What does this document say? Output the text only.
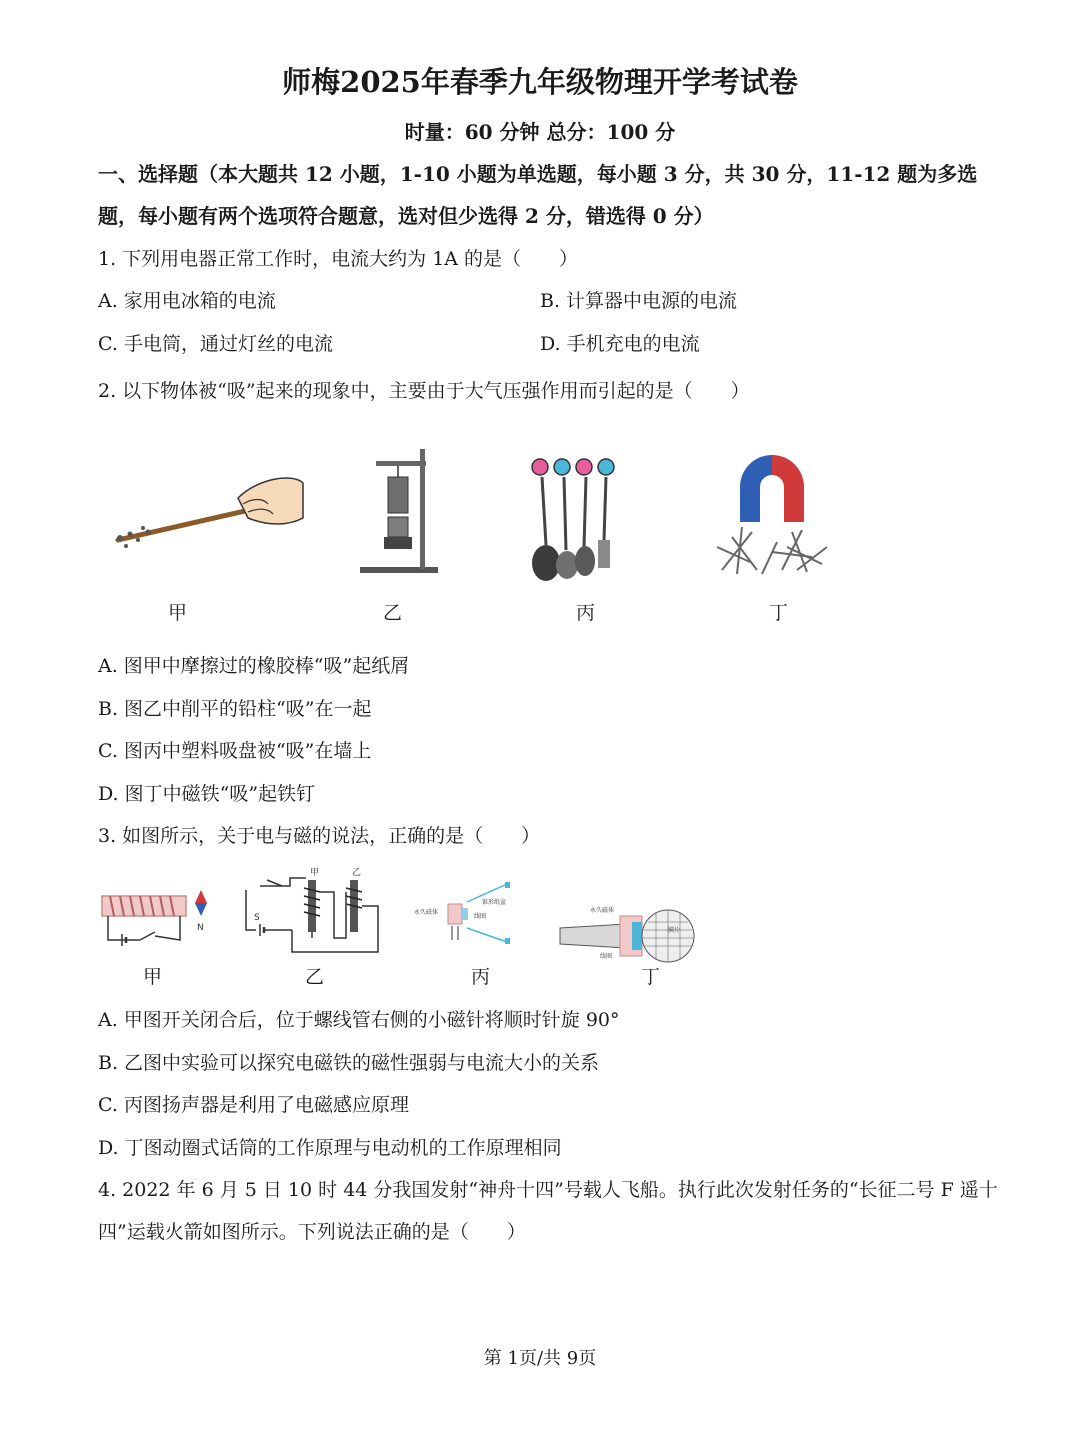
师梅2025年春季九年级物理开学考试卷
时量：60 分钟 总分：100 分
一、选择题（本大题共 12 小题，1-10 小题为单选题，每小题 3 分，共 30 分，11-12 题为多选
题，每小题有两个选项符合题意，选对但少选得 2 分，错选得 0 分）
1. 下列用电器正常工作时，电流大约为 1A 的是（　　）
A. 家用电冰箱的电流	B. 计算器中电源的电流
C. 手电筒，通过灯丝的电流	D. 手机充电的电流
2. 以下物体被“吸”起来的现象中，主要由于大气压强作用而引起的是（　　）
甲	乙	丙	丁
A. 图甲中摩擦过的橡胶棒“吸”起纸屑
B. 图乙中削平的铅柱“吸”在一起
C. 图丙中塑料吸盘被“吸”在墙上
D. 图丁中磁铁“吸”起铁钉
3. 如图所示，关于电与磁的说法，正确的是（　　）
N
甲	乙
S
永久磁体
锥形纸盆
线圈
永久磁体
线圈
膜片
甲	乙	丙	丁
A. 甲图开关闭合后，位于螺线管右侧的小磁针将顺时针旋 90°
B. 乙图中实验可以探究电磁铁的磁性强弱与电流大小的关系
C. 丙图扬声器是利用了电磁感应原理
D. 丁图动圈式话筒的工作原理与电动机的工作原理相同
4. 2022 年 6 月 5 日 10 时 44 分我国发射“神舟十四”号载人飞船。执行此次发射任务的“长征二号 F 遥十
四”运载火箭如图所示。下列说法正确的是（　　）
第 1页/共 9页
